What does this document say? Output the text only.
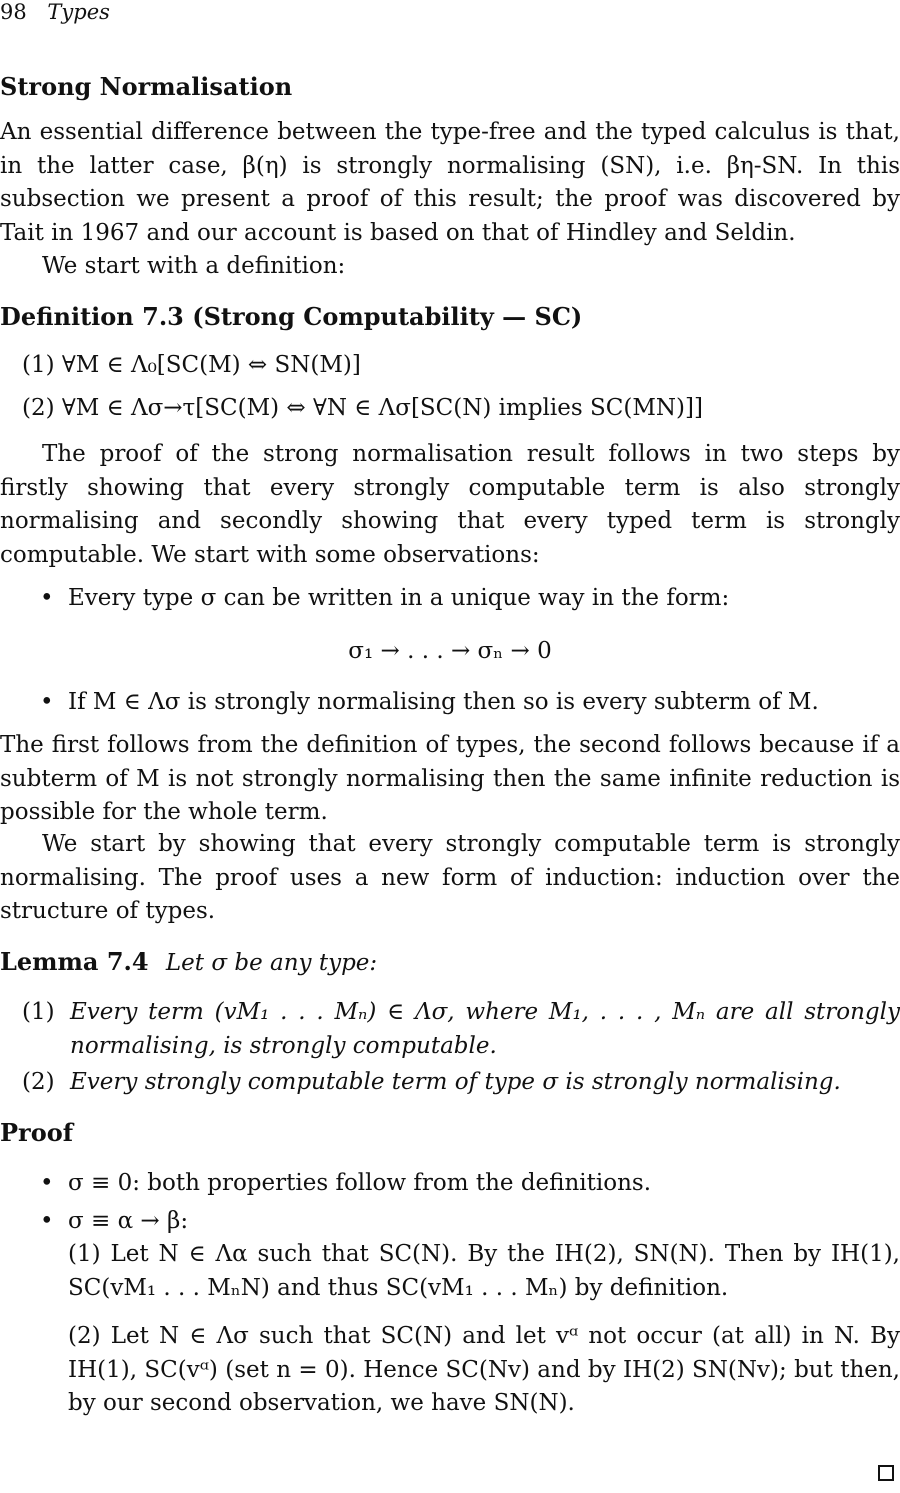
98 Types
Strong Normalisation
An essential difference between the type-free and the typed calculus is that, in the latter case, β(η) is strongly normalising (SN), i.e. βη-SN. In this subsection we present a proof of this result; the proof was discovered by Tait in 1967 and our account is based on that of Hindley and Seldin.
We start with a definition:
Definition 7.3 (Strong Computability — SC)
(1) ∀M ∈ Λ₀[SC(M) ⇔ SN(M)]
(2) ∀M ∈ Λσ→τ[SC(M) ⇔ ∀N ∈ Λσ[SC(N) implies SC(MN)]]
The proof of the strong normalisation result follows in two steps by firstly showing that every strongly computable term is also strongly normalising and secondly showing that every typed term is strongly computable. We start with some observations:
• Every type σ can be written in a unique way in the form:
σ₁ → . . . → σₙ → 0
• If M ∈ Λσ is strongly normalising then so is every subterm of M.
The first follows from the definition of types, the second follows because if a subterm of M is not strongly normalising then the same infinite reduction is possible for the whole term.
We start by showing that every strongly computable term is strongly normalising. The proof uses a new form of induction: induction over the structure of types.
Lemma 7.4 Let σ be any type:
(1) Every term (vM₁ . . . Mₙ) ∈ Λσ, where M₁, . . . , Mₙ are all strongly normalising, is strongly computable.
(2) Every strongly computable term of type σ is strongly normalising.
Proof
• σ ≡ 0: both properties follow from the definitions.
• σ ≡ α → β:
(1) Let N ∈ Λα such that SC(N). By the IH(2), SN(N). Then by IH(1), SC(vM₁ . . . MₙN) and thus SC(vM₁ . . . Mₙ) by definition.
(2) Let N ∈ Λσ such that SC(N) and let vᵅ not occur (at all) in N. By IH(1), SC(vᵅ) (set n = 0). Hence SC(Nv) and by IH(2) SN(Nv); but then, by our second observation, we have SN(N).
